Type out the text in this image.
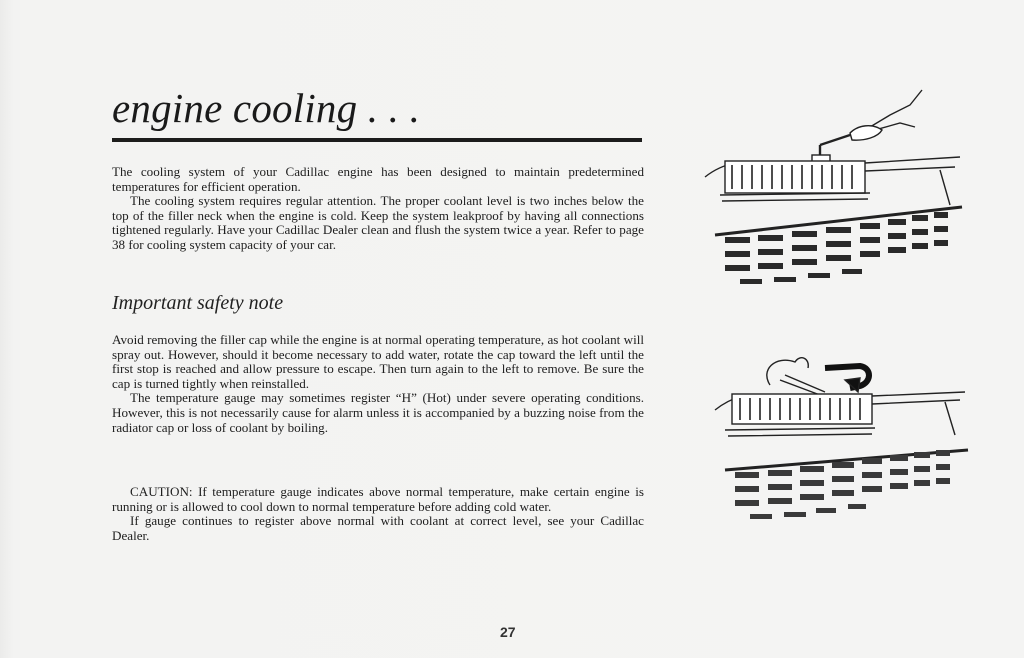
engine cooling . . .

The cooling system of your Cadillac engine has been designed to maintain predetermined temperatures for efficient operation.

The cooling system requires regular attention. The proper coolant level is two inches below the top of the filler neck when the engine is cold. Keep the system leakproof by having all connections tightened regularly. Have your Cadillac Dealer clean and flush the system twice a year. Refer to page 38 for cooling system capacity of your car.

Important safety note

Avoid removing the filler cap while the engine is at normal operating temperature, as hot coolant will spray out. However, should it become necessary to add water, rotate the cap toward the left until the first stop is reached and allow pressure to escape. Then turn again to the left to remove. Be sure the cap is turned tightly when reinstalled.

The temperature gauge may sometimes register “H” (Hot) under severe operating conditions. However, this is not necessarily cause for alarm unless it is accompanied by a buzzing noise from the radiator cap or loss of coolant by boiling.

CAUTION: If temperature gauge indicates above normal temperature, make certain engine is running or is allowed to cool down to normal temperature before adding cold water.

If gauge continues to register above normal with coolant at correct level, see your Cadillac Dealer.

27
